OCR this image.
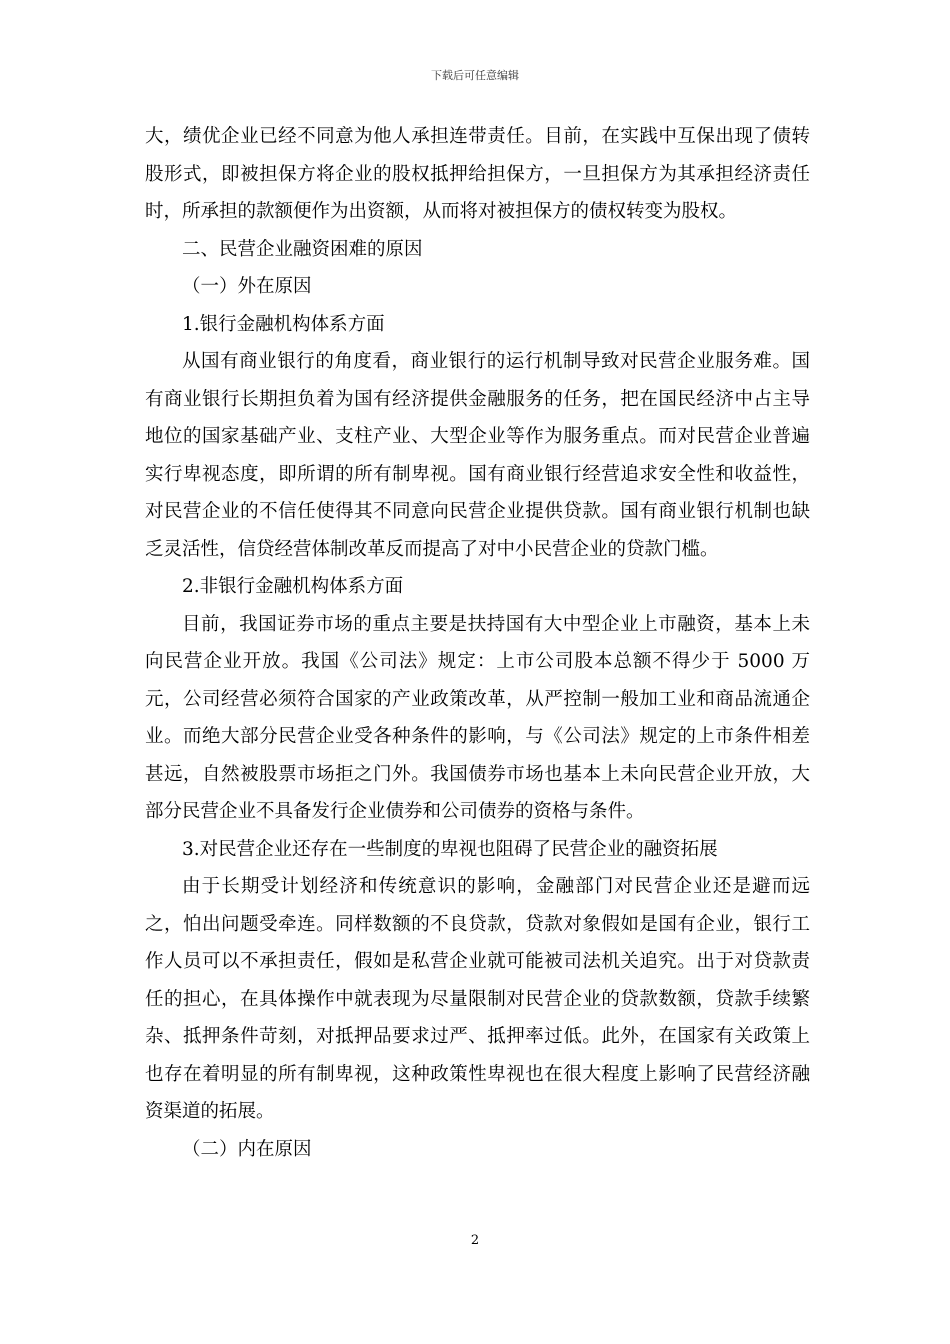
下载后可任意编辑

大，绩优企业已经不同意为他人承担连带责任。目前，在实践中互保出现了债转股形式，即被担保方将企业的股权抵押给担保方，一旦担保方为其承担经济责任时，所承担的款额便作为出资额，从而将对被担保方的债权转变为股权。

二、民营企业融资困难的原因

（一）外在原因

1.银行金融机构体系方面

从国有商业银行的角度看，商业银行的运行机制导致对民营企业服务难。国有商业银行长期担负着为国有经济提供金融服务的任务，把在国民经济中占主导地位的国家基础产业、支柱产业、大型企业等作为服务重点。而对民营企业普遍实行卑视态度，即所谓的所有制卑视。国有商业银行经营追求安全性和收益性，对民营企业的不信任使得其不同意向民营企业提供贷款。国有商业银行机制也缺乏灵活性，信贷经营体制改革反而提高了对中小民营企业的贷款门槛。

2.非银行金融机构体系方面

目前，我国证券市场的重点主要是扶持国有大中型企业上市融资，基本上未向民营企业开放。我国《公司法》规定：上市公司股本总额不得少于 5000 万元，公司经营必须符合国家的产业政策改革，从严控制一般加工业和商品流通企业。而绝大部分民营企业受各种条件的影响，与《公司法》规定的上市条件相差甚远，自然被股票市场拒之门外。我国债券市场也基本上未向民营企业开放，大部分民营企业不具备发行企业债券和公司债券的资格与条件。

3.对民营企业还存在一些制度的卑视也阻碍了民营企业的融资拓展

由于长期受计划经济和传统意识的影响，金融部门对民营企业还是避而远之，怕出问题受牵连。同样数额的不良贷款，贷款对象假如是国有企业，银行工作人员可以不承担责任，假如是私营企业就可能被司法机关追究。出于对贷款责任的担心，在具体操作中就表现为尽量限制对民营企业的贷款数额，贷款手续繁杂、抵押条件苛刻，对抵押品要求过严、抵押率过低。此外，在国家有关政策上也存在着明显的所有制卑视，这种政策性卑视也在很大程度上影响了民营经济融资渠道的拓展。

（二）内在原因

2
